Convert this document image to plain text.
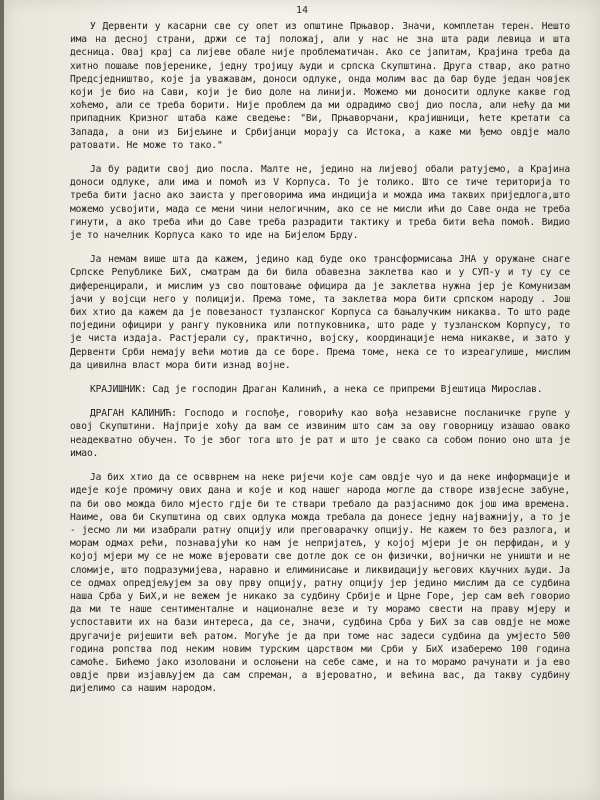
14

У Дервенти у касарни све су опет из општине Прњавор. Значи, комплетан терен. Нешто има на десној страни, држи се тај положај, али у нас не зна шта ради левица и шта десница. Овај крај са лијеве обале није проблематичан. Ако се јапитам, Крајина треба да хитно пошаље повјеренике, једну тројицу људи и српска Скупштина. Друга ствар, ако ратно Предсједништво, које ја уважавам, доноси одлуке, онда молим вас да бар буде један човјек који је био на Сави, који је био доле на линији. Можемо ми доносити одлуке какве год хоћемо, али се треба борити. Није проблем да ми одрадимо свој дио посла, али нећу да ми припадник Кризног штаба каже сведење: "Ви, Прњаворчани, крајишници, ћете кретати са Запада, а они из Бијељине и Србијанци морају са Истока, а каже ми ђемо овдје мало ратовати. Не може то тако."

Ја бу радити свој дио посла. Малте не, једино на лијевој обали ратујемо, а Крајина доноси одлуке, али има и помоћ из V Корпуса. То је толико. Што се тиче територија то треба бити јасно ако заиста у преговорима има индиција и можда има таквих приједлога,што можемо усвојити, мада се мени чини нелогичним, ако се не мисли ићи до Саве онда не треба гинути, а ако треба ићи до Саве треба разрадити тактику и треба бити већа помоћ. Видио је то начелник Корпуса како то иде на Бијелом Брду.

Ја немам више шта да кажем, једино кад буде око трансформисања ЈНА у оружане снаге Српске Републике БиХ, сматрам да би била обавезна заклетва као и у СУП-у и ту су се диференцирали, и мислим уз сво поштовање официра да је заклетва нужна јер је Комунизам јачи у војсци него у полицији. Према томе, та заклетва мора бити српском народу . Још бих хтио да кажем да је повезаност тузланског Корпуса са бањалучким никаква. То што раде поједини официри у рангу пуковника или потпуковника, што раде у тузланском Корпусу, то је чиста издаја. Растјерали су, практично, војску, координације нема никакве, и зато у Дервенти Срби немају већи мотив да се боре. Према томе, нека се то изреагулише, мислим да цивилна власт мора бити изнад војне.

КРАЈИШНИК: Сад је господин Драган Калинић, а нека се припреми Вјештица Мирослав.

ДРАГАН КАЛИНИЋ: Господо и госпође, говорићу као вођа независне посланичке групе у овој Скупштини. Најприје хоћу да вам се извиним што сам за ову говорницу изашао овако неадекватно обучен. То је због тога што је рат и што је свако са собом понио оно шта је имао.

Ја бих хтио да се освврнем на неке ријечи које сам овдје чуо и да неке информације и идеје које промичу ових дана и које и код нашег народа могле да створе извјесне забуне, па би ово можда било мјесто гдје би те ствари требало да разјаснимо док још има времена. Наиме, ова би Скупштина од свих одлука можда требала да донесе једну најважнију, а то је - јесмо ли ми изабрали ратну опцију или преговарачку опцију. Не кажем то без разлога, и морам одмах рећи, познавајући ко нам је непријатељ, у којој мјери је он перфидан, и у којој мјери му се не може вјеровати све дотле док се он физички, војнички не уништи и не сломије, што подразумијева, наравно и елиминисање и ликвидацију његових кључних људи. Ја се одмах опредјељујем за ову прву опцију, ратну опцију јер једино мислим да се судбина наша Срба у БиХ,и не вежем је никако за судбину Србије и Црне Горе, јер сам већ говорио да ми те наше сентименталне и националне везе и ту морамо свести на праву мјеру и успоставити их на бази интереса, да се, значи, судбина Срба у БиХ за сав овдје не може другачије ријешити већ ратом. Могуће је да при томе нас задеси судбина да умјесто 500 година ропства под неким новим турским царством ми Срби у БиХ изаберемо 100 година самоће. Бићемо јако изоловани и ослоњени на себе саме, и на то морамо рачунати и ја ево овдје први изјављујем да сам спреман, а вјероватно, и већина вас, да такву судбину дијелимо са нашим народом.
